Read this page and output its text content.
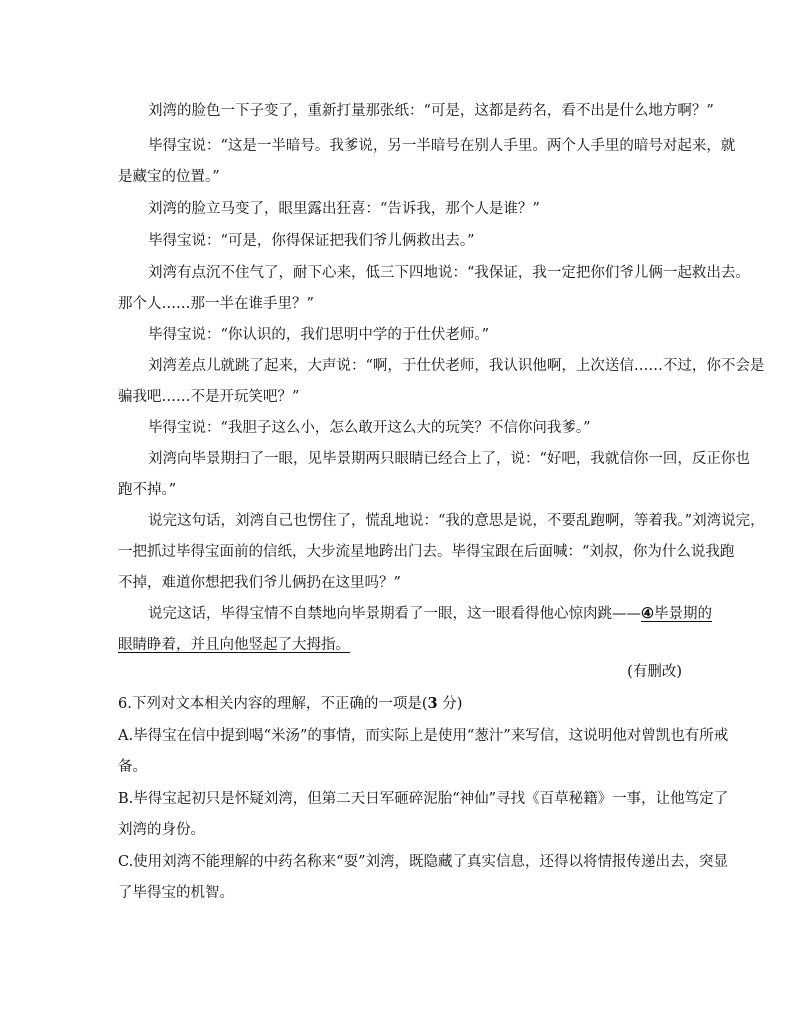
刘湾的脸色一下子变了，重新打量那张纸：“可是，这都是药名，看不出是什么地方啊？”
毕得宝说：“这是一半暗号。我爹说，另一半暗号在别人手里。两个人手里的暗号对起来，就
是藏宝的位置。”
刘湾的脸立马变了，眼里露出狂喜：“告诉我，那个人是谁？”
毕得宝说：“可是，你得保证把我们爷儿俩救出去。”
刘湾有点沉不住气了，耐下心来，低三下四地说：“我保证，我一定把你们爷儿俩一起救出去。
那个人……那一半在谁手里？”
毕得宝说：“你认识的，我们思明中学的于仕伏老师。”
刘湾差点儿就跳了起来，大声说：“啊，于仕伏老师，我认识他啊，上次送信……不过，你不会是
骗我吧……不是开玩笑吧？”
毕得宝说：“我胆子这么小，怎么敢开这么大的玩笑？不信你问我爹。”
刘湾向毕景期扫了一眼，见毕景期两只眼睛已经合上了，说：“好吧，我就信你一回，反正你也
跑不掉。”
说完这句话，刘湾自己也愣住了，慌乱地说：“我的意思是说，不要乱跑啊，等着我。”刘湾说完，
一把抓过毕得宝面前的信纸，大步流星地跨出门去。毕得宝跟在后面喊：“刘叔，你为什么说我跑
不掉，难道你想把我们爷儿俩扔在这里吗？”
说完这话，毕得宝情不自禁地向毕景期看了一眼，这一眼看得他心惊肉跳——④毕景期的
眼睛睁着，并且向他竖起了大拇指。
(有删改)
6.下列对文本相关内容的理解，不正确的一项是(3 分)
A.毕得宝在信中提到喝“米汤”的事情，而实际上是使用“葱汁”来写信，这说明他对曾凯也有所戒
备。
B.毕得宝起初只是怀疑刘湾，但第二天日军砸碎泥胎“神仙”寻找《百草秘籍》一事，让他笃定了
刘湾的身份。
C.使用刘湾不能理解的中药名称来“耍”刘湾，既隐藏了真实信息，还得以将情报传递出去，突显
了毕得宝的机智。
